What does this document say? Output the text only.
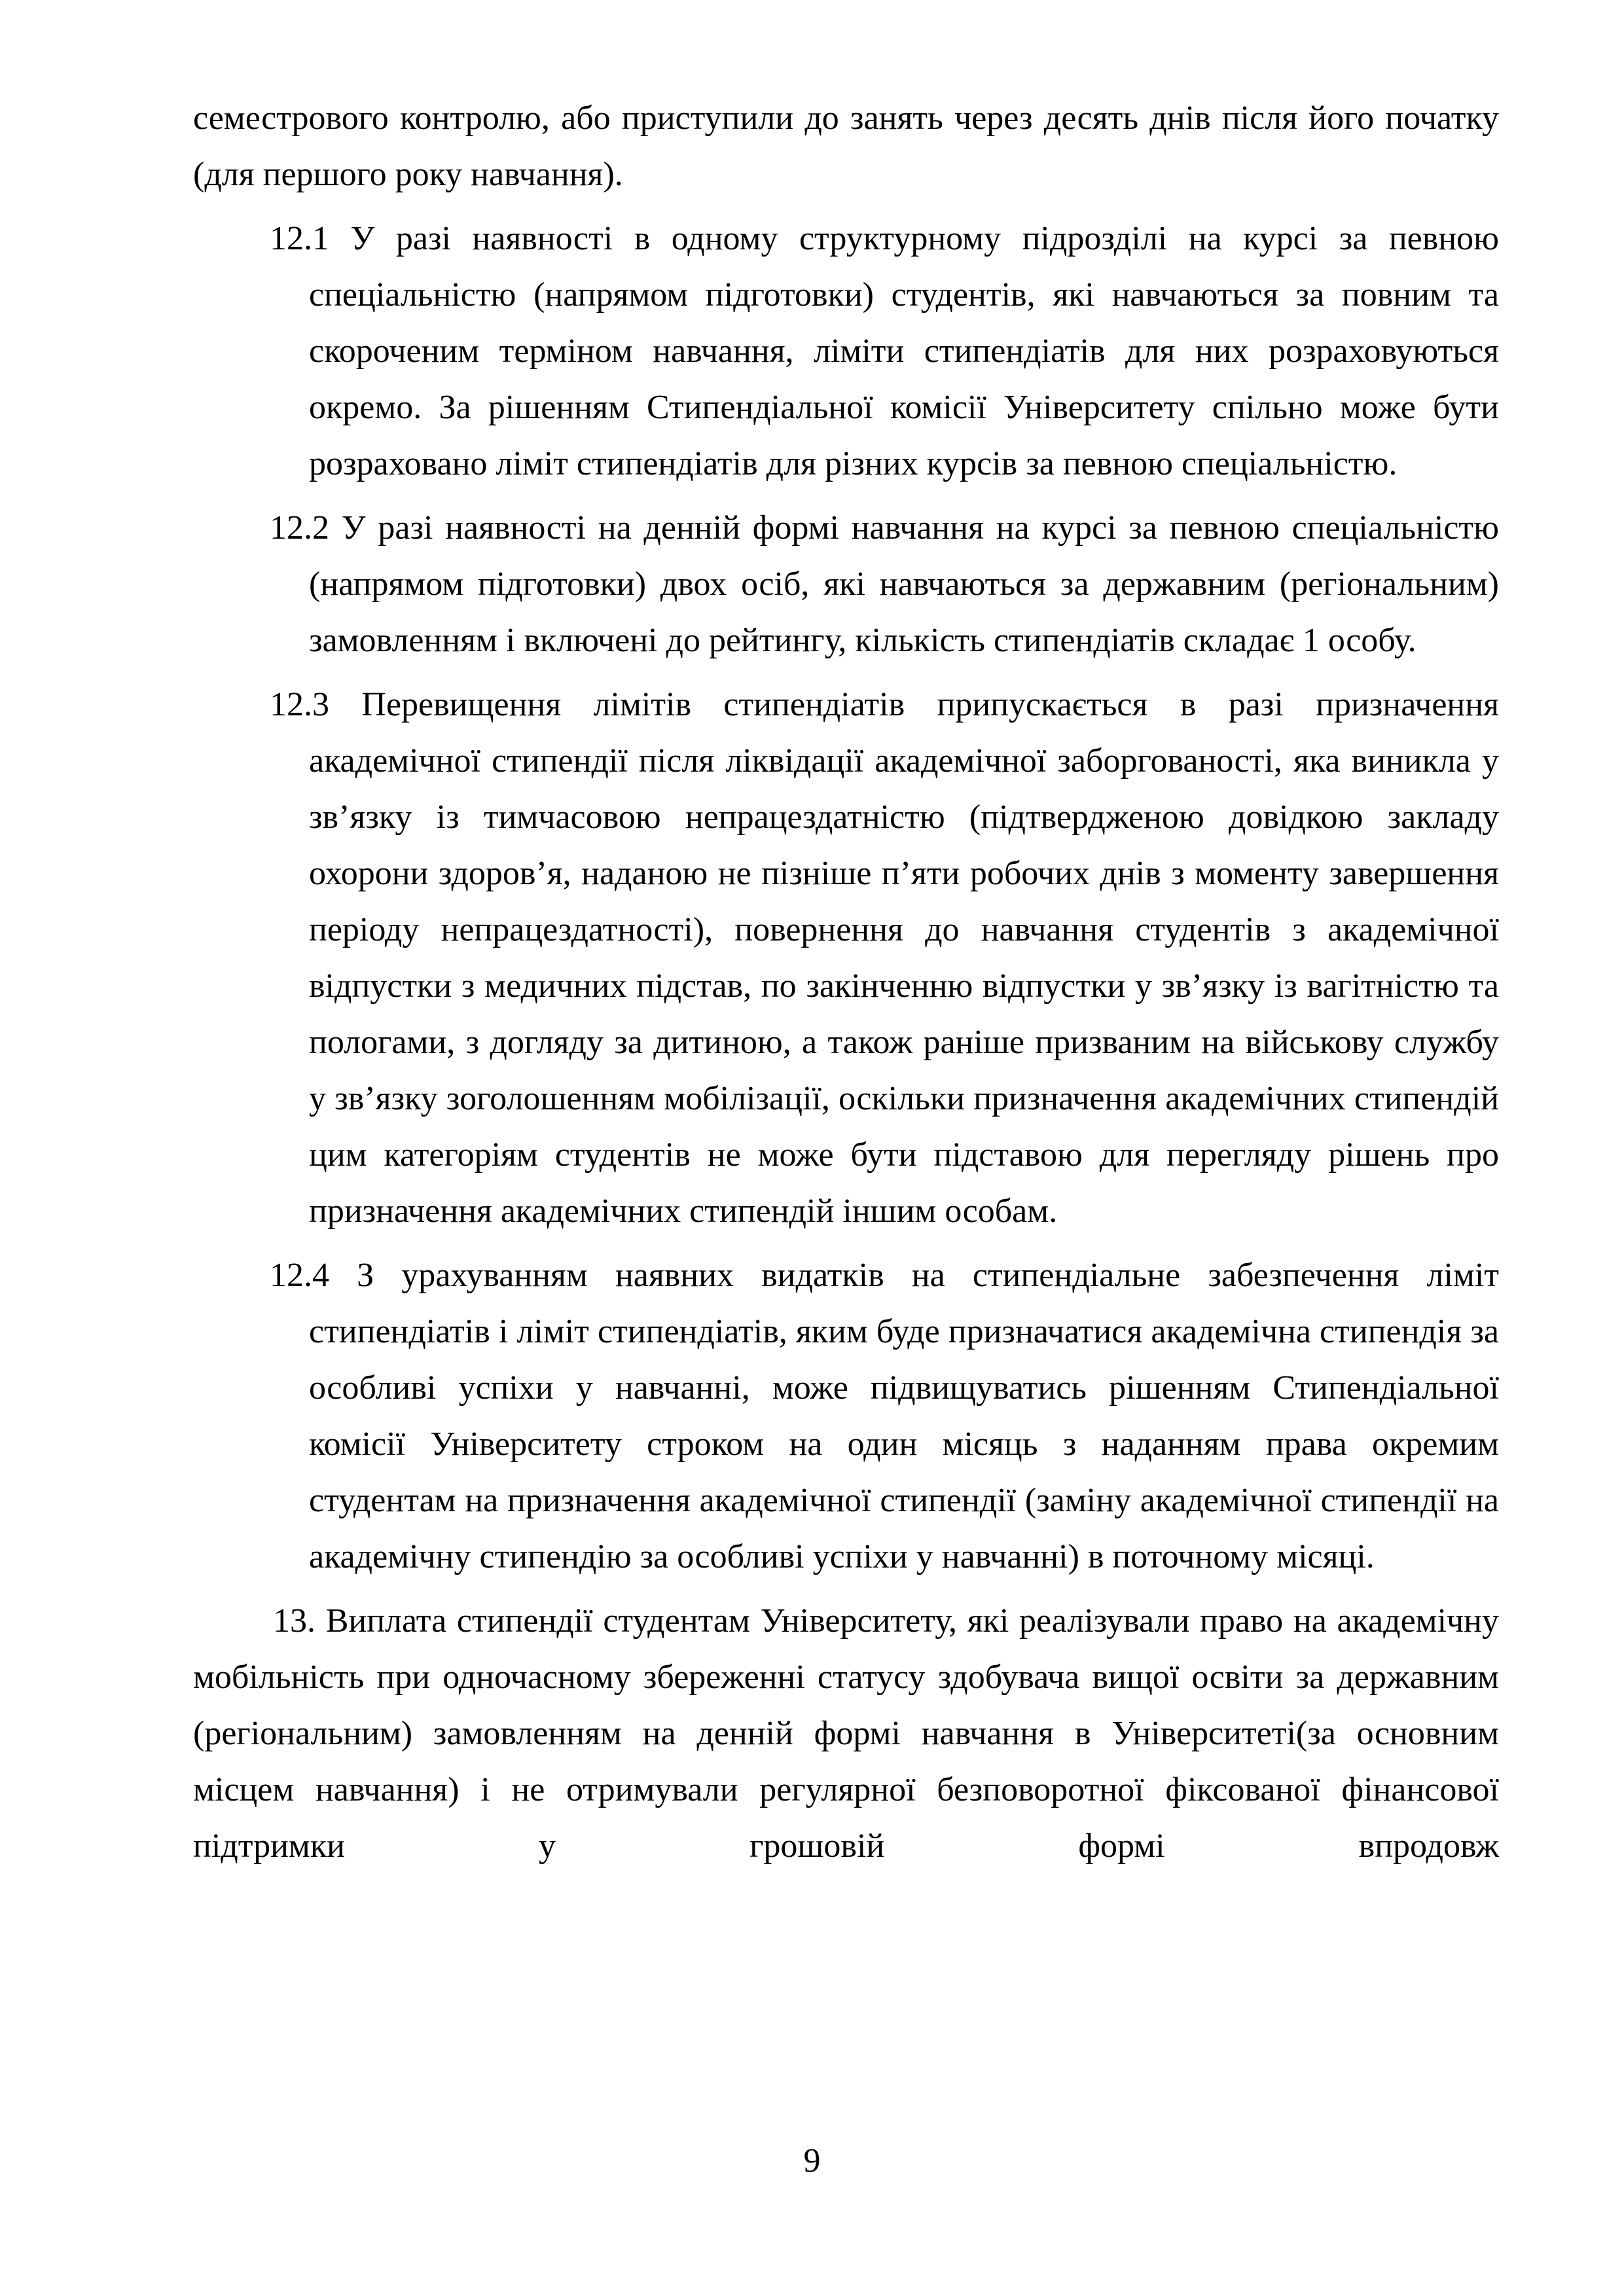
семестрового контролю, або приступили до занять через десять днів після його початку (для першого року навчання).

12.1 У разі наявності в одному структурному підрозділі на курсі за певною спеціальністю (напрямом підготовки) студентів, які навчаються за повним та скороченим терміном навчання, ліміти стипендіатів для них розраховуються окремо. За рішенням Стипендіальної комісії Університету спільно може бути розраховано ліміт стипендіатів для різних курсів за певною спеціальністю.

12.2 У разі наявності на денній формі навчання на курсі за певною спеціальністю (напрямом підготовки) двох осіб, які навчаються за державним (регіональним) замовленням і включені до рейтингу, кількість стипендіатів складає 1 особу.

12.3 Перевищення лімітів стипендіатів припускається в разі призначення академічної стипендії після ліквідації академічної заборгованості, яка виникла у зв’язку із тимчасовою непрацездатністю (підтвердженою довідкою закладу охорони здоров’я, наданою не пізніше п’яти робочих днів з моменту завершення періоду непрацездатності), повернення до навчання студентів з академічної відпустки з медичних підстав, по закінченню відпустки у зв’язку із вагітністю та пологами, з догляду за дитиною, а також раніше призваним на військову службу у зв’язку зоголошенням мобілізації, оскільки призначення академічних стипендій цим категоріям студентів не може бути підставою для перегляду рішень про призначення академічних стипендій іншим особам.

12.4 З урахуванням наявних видатків на стипендіальне забезпечення ліміт стипендіатів і ліміт стипендіатів, яким буде призначатися академічна стипендія за особливі успіхи у навчанні, може підвищуватись рішенням Стипендіальної комісії Університету строком на один місяць з наданням права окремим студентам на призначення академічної стипендії (заміну академічної стипендії на академічну стипендію за особливі успіхи у навчанні) в поточному місяці.

13. Виплата стипендії студентам Університету, які реалізували право на академічну мобільність при одночасному збереженні статусу здобувача вищої освіти за державним (регіональним) замовленням на денній формі навчання в Університеті(за основним місцем навчання) і не отримували регулярної безповоротної фіксованої фінансової підтримки у грошовій формі впродовж

9
